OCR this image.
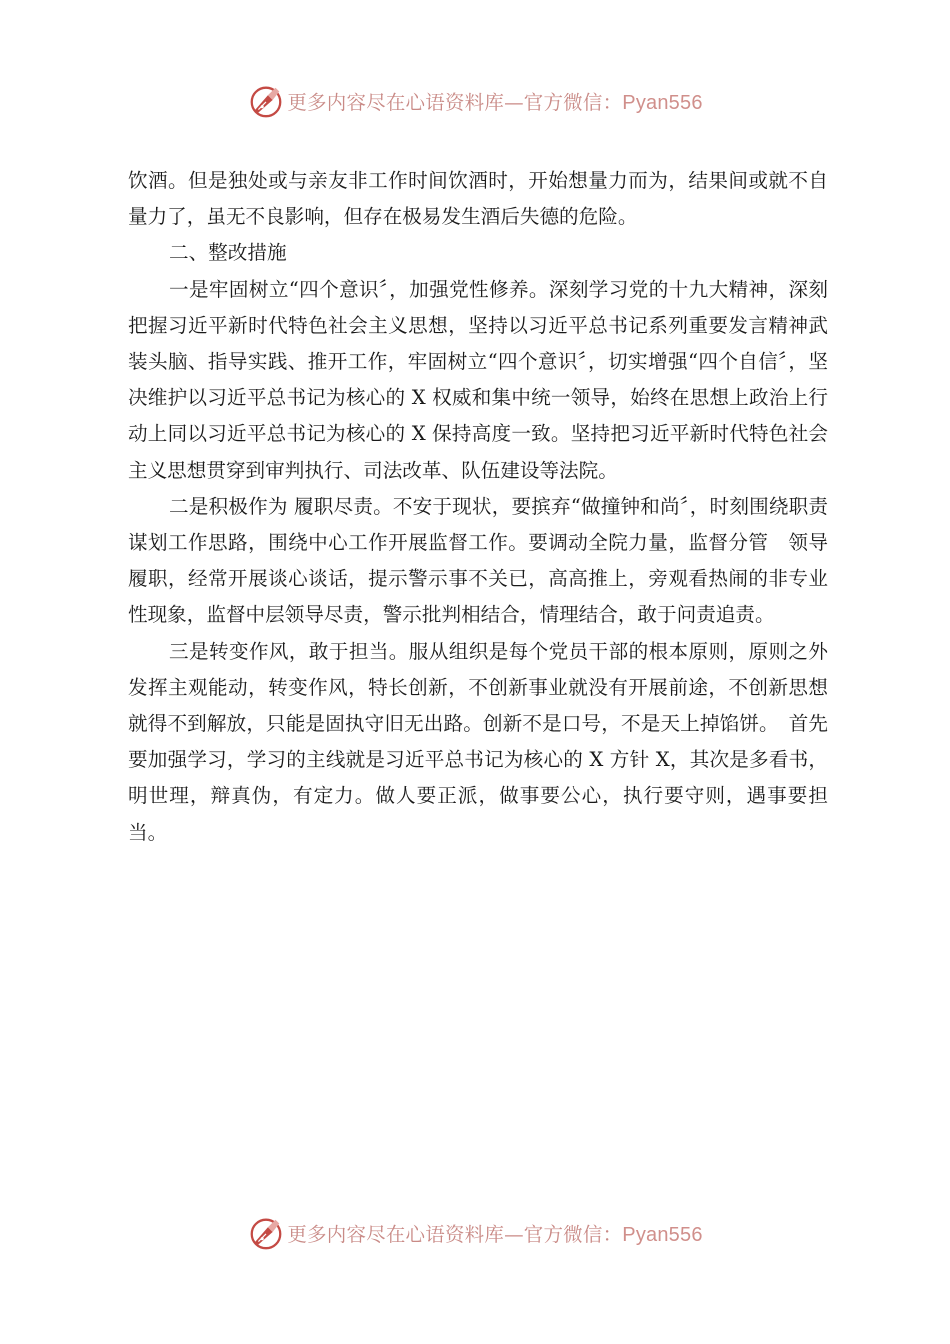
更多内容尽在心语资料库—官方微信：Pyan556

饮酒。但是独处或与亲友非工作时间饮酒时，开始想量力而为，结果间或就不自量力了，虽无不良影响，但存在极易发生酒后失德的危险。

二、整改措施

一是牢固树立“四个意识〞，加强党性修养。深刻学习党的十九大精神，深刻把握习近平新时代特色社会主义思想，坚持以习近平总书记系列重要发言精神武装头脑、指导实践、推开工作，牢固树立“四个意识〞，切实增强“四个自信〞，坚决维护以习近平总书记为核心的 X 权威和集中统一领导，始终在思想上政治上行动上同以习近平总书记为核心的 X 保持高度一致。坚持把习近平新时代特色社会主义思想贯穿到审判执行、司法改革、队伍建设等法院。

二是积极作为 履职尽责。不安于现状，要摈弃“做撞钟和尚〞，时刻围绕职责谋划工作思路，围绕中心工作开展监督工作。要调动全院力量，监督分管　领导履职，经常开展谈心谈话，提示警示事不关已，高高推上，旁观看热闹的非专业性现象，监督中层领导尽责，警示批判相结合，情理结合，敢于问责追责。

三是转变作风，敢于担当。服从组织是每个党员干部的根本原则，原则之外发挥主观能动，转变作风，特长创新，不创新事业就没有开展前途，不创新思想就得不到解放，只能是固执守旧无出路。创新不是口号，不是天上掉馅饼。　首先要加强学习，学习的主线就是习近平总书记为核心的 X 方针 X，其次是多看书，明世理，辩真伪，有定力。做人要正派，做事要公心，执行要守则，遇事要担当。

更多内容尽在心语资料库—官方微信：Pyan556
